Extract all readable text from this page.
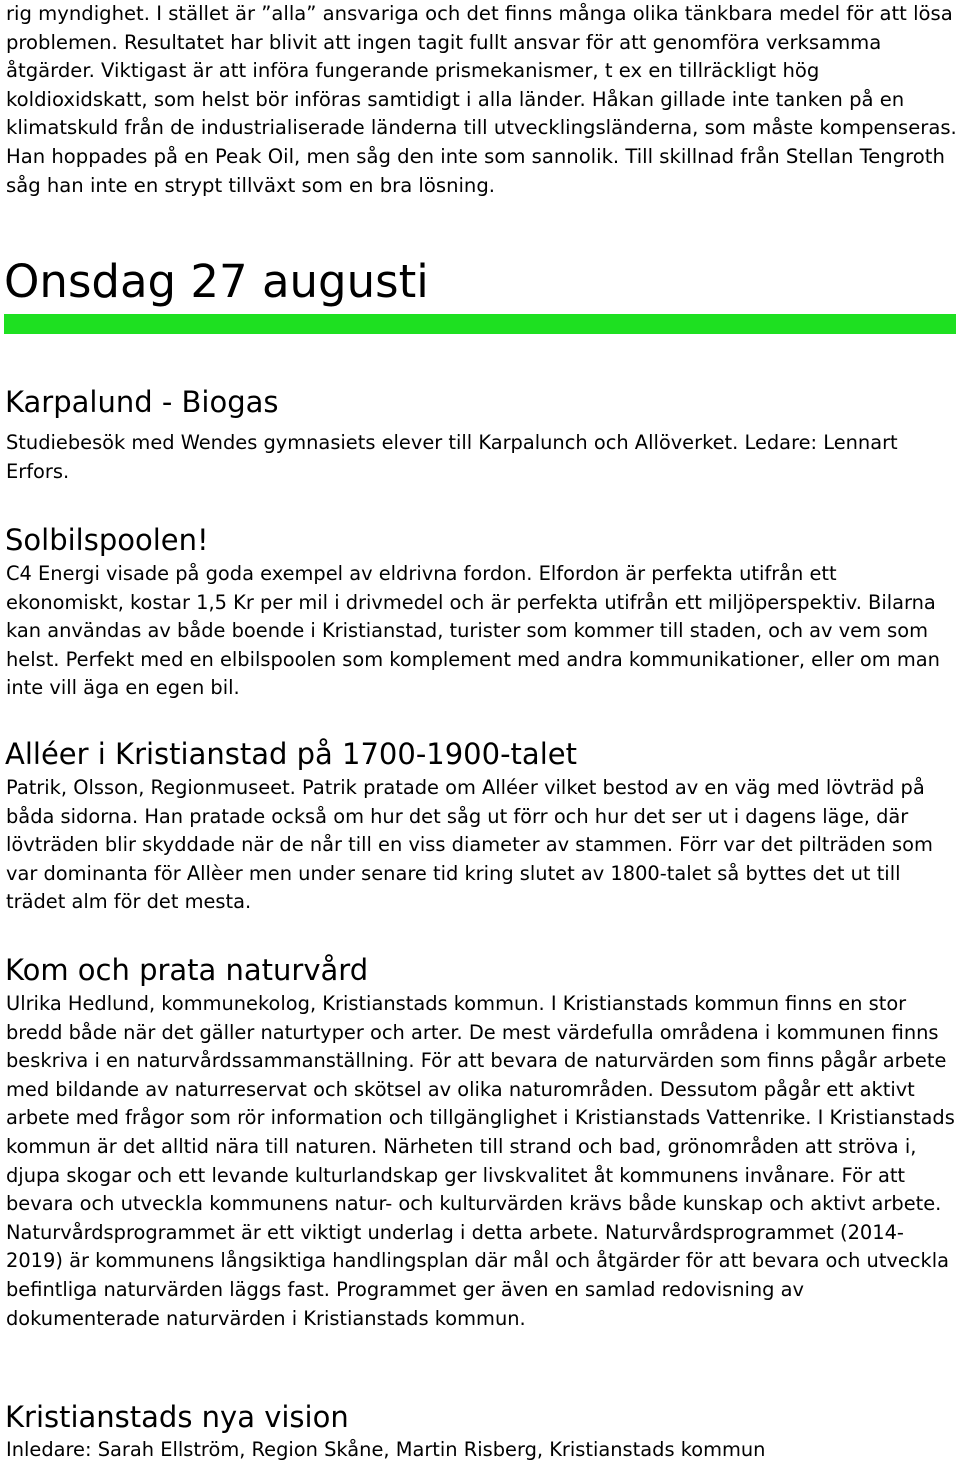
rig myndighet. I stället är ”alla” ansvariga och det finns många olika tänkbara medel för att lösa problemen. Resultatet har blivit att ingen tagit fullt ansvar för att genomföra verksamma åtgärder. Viktigast är att införa fungerande prismekanismer, t ex en tillräckligt hög koldioxidskatt, som helst bör införas samtidigt i alla länder. Håkan gillade inte tanken på en klimatskuld från de industrialiserade länderna till utvecklingsländerna, som måste kompenseras. Han hoppades på en Peak Oil, men såg den inte som sannolik. Till skillnad från Stellan Tengroth såg han inte en strypt tillväxt som en bra lösning.

Onsdag 27 augusti
Karpalund - Biogas

Studiebesök med Wendes gymnasiets elever till Karpalunch och Allöverket. Ledare: Lennart Erfors.

Solbilspoolen!

C4 Energi visade på goda exempel av eldrivna fordon. Elfordon är perfekta utifrån ett ekonomiskt, kostar 1,5 Kr per mil i drivmedel och är perfekta utifrån ett miljöperspektiv. Bilarna kan användas av både boende i Kristianstad, turister som kommer till staden, och av vem som helst. Perfekt med en elbilspoolen som komplement med andra kommunikationer, eller om man inte vill äga en egen bil.

Alléer i Kristianstad på 1700-1900-talet

Patrik, Olsson, Regionmuseet. Patrik pratade om Alléer vilket bestod av en väg med lövträd på båda sidorna. Han pratade också om hur det såg ut förr och hur det ser ut i dagens läge, där lövträden blir skyddade när de når till en viss diameter av stammen. Förr var det pilträden som var dominanta för Allèer men under senare tid kring slutet av 1800-talet så byttes det ut till trädet alm för det mesta.

Kom och prata naturvård

Ulrika Hedlund, kommunekolog, Kristianstads kommun. I Kristianstads kommun finns en stor bredd både när det gäller naturtyper och arter. De mest värdefulla områdena i kommunen finns beskriva i en naturvårdssammanställning. För att bevara de naturvärden som finns pågår arbete med bildande av naturreservat och skötsel av olika naturområden. Dessutom pågår ett aktivt arbete med frågor som rör information och tillgänglighet i Kristianstads Vattenrike. I Kristianstads kommun är det alltid nära till naturen. Närheten till strand och bad, grönområden att ströva i, djupa skogar och ett levande kulturlandskap ger livskvalitet åt kommunens invånare. För att bevara och utveckla kommunens natur- och kulturvärden krävs både kunskap och aktivt arbete. Naturvårdsprogrammet är ett viktigt underlag i detta arbete. Naturvårdsprogrammet (2014-2019) är kommunens långsiktiga handlingsplan där mål och åtgärder för att bevara och utveckla befintliga naturvärden läggs fast. Programmet ger även en samlad redovisning av dokumenterade naturvärden i Kristianstads kommun.

Kristianstads nya vision

Inledare: Sarah Ellström, Region Skåne, Martin Risberg, Kristianstads kommun
